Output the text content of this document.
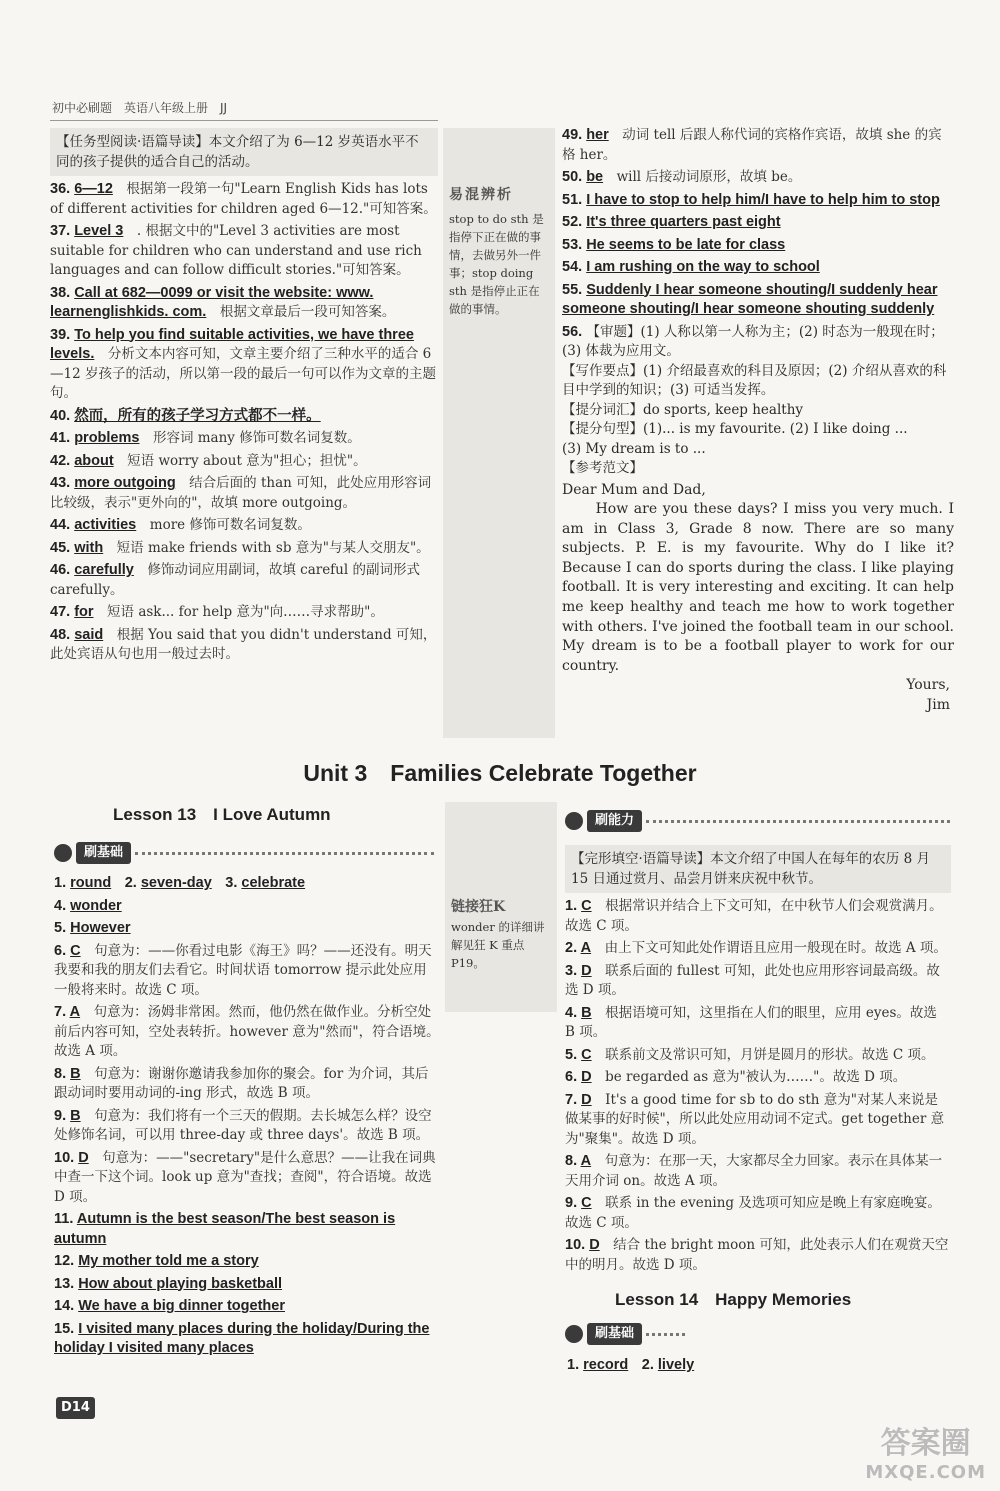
初中必刷题　英语八年级上册　JJ
【任务型阅读·语篇导读】本文介绍了为 6—12 岁英语水平不同的孩子提供的适合自己的活动。
36. 6—12　根据第一段第一句"Learn English Kids has lots of different activities for children aged 6—12."可知答案。
37. Level 3　. 根据文中的"Level 3 activities are most suitable for children who can understand and use rich languages and can follow difficult stories."可知答案。
38. Call at 682—0099 or visit the website: www. learnenglishkids. com.　根据文章最后一段可知答案。
39. To help you find suitable activities, we have three levels.　分析文本内容可知，文章主要介绍了三种水平的适合 6—12 岁孩子的活动，所以第一段的最后一句可以作为文章的主题句。
40. 然而，所有的孩子学习方式都不一样。
41. problems　形容词 many 修饰可数名词复数。
42. about　短语 worry about 意为"担心；担忧"。
43. more outgoing　结合后面的 than 可知，此处应用形容词比较级，表示"更外向的"，故填 more outgoing。
44. activities　more 修饰可数名词复数。
45. with　短语 make friends with sb 意为"与某人交朋友"。
46. carefully　修饰动词应用副词，故填 careful 的副词形式 carefully。
47. for　短语 ask... for help 意为"向……寻求帮助"。
48. said　根据 You said that you didn't understand 可知，此处宾语从句也用一般过去时。
易混辨析
stop to do sth 是指停下正在做的事情，去做另外一件事；stop doing sth 是指停止正在做的事情。
49. her　动词 tell 后跟人称代词的宾格作宾语，故填 she 的宾格 her。
50. be　will 后接动词原形，故填 be。
51. I have to stop to help him/I have to help him to stop
52. It's three quarters past eight
53. He seems to be late for class
54. I am rushing on the way to school
55. Suddenly I hear someone shouting/I suddenly hear someone shouting/I hear someone shouting suddenly
56. 【审题】(1) 人称以第一人称为主；(2) 时态为一般现在时；(3) 体裁为应用文。
【写作要点】(1) 介绍最喜欢的科目及原因；(2) 介绍从喜欢的科目中学到的知识；(3) 可适当发挥。
【提分词汇】do sports, keep healthy
【提分句型】(1)... is my favourite. (2) I like doing ...
(3) My dream is to ...
【参考范文】

Dear Mum and Dad,

How are you these days? I miss you very much. I am in Class 3, Grade 8 now. There are so many subjects. P. E. is my favourite. Why do I like it? Because I can do sports during the class. I like playing football. It is very interesting and exciting. It can help me keep healthy and teach me how to work together with others. I've joined the football team in our school. My dream is to be a football player to work for our country.

Yours,

Jim

Unit 3　Families Celebrate Together
Lesson 13　I Love Autumn
刷基础
1. round　 2. seven-day　 3. celebrate
4. wonder
5. However
6. C　句意为：——你看过电影《海王》吗？——还没有。明天我要和我的朋友们去看它。时间状语 tomorrow 提示此处应用一般将来时。故选 C 项。
7. A　句意为：汤姆非常困。然而，他仍然在做作业。分析空处前后内容可知，空处表转折。however 意为"然而"，符合语境。故选 A 项。
8. B　句意为：谢谢你邀请我参加你的聚会。for 为介词，其后跟动词时要用动词的-ing 形式，故选 B 项。
9. B　句意为：我们将有一个三天的假期。去长城怎么样？设空处修饰名词，可以用 three-day 或 three days'。故选 B 项。
10. D　句意为：——"secretary"是什么意思？——让我在词典中查一下这个词。look up 意为"查找；查阅"，符合语境。故选 D 项。
11. Autumn is the best season/The best season is autumn
12. My mother told me a story
13. How about playing basketball
14. We have a big dinner together
15. I visited many places during the holiday/During the holiday I visited many places
链接狂K
wonder 的详细讲解见狂 K 重点 P19。
刷能力
【完形填空·语篇导读】本文介绍了中国人在每年的农历 8 月 15 日通过赏月、品尝月饼来庆祝中秋节。
1. C　根据常识并结合上下文可知，在中秋节人们会观赏满月。故选 C 项。
2. A　由上下文可知此处作谓语且应用一般现在时。故选 A 项。
3. D　联系后面的 fullest 可知，此处也应用形容词最高级。故选 D 项。
4. B　根据语境可知，这里指在人们的眼里，应用 eyes。故选 B 项。
5. C　联系前文及常识可知，月饼是圆月的形状。故选 C 项。
6. D　be regarded as 意为"被认为……"。故选 D 项。
7. D　It's a good time for sb to do sth 意为"对某人来说是做某事的好时候"，所以此处应用动词不定式。get together 意为"聚集"。故选 D 项。
8. A　句意为：在那一天，大家都尽全力回家。表示在具体某一天用介词 on。故选 A 项。
9. C　联系 in the evening 及选项可知应是晚上有家庭晚宴。故选 C 项。
10. D　结合 the bright moon 可知，此处表示人们在观赏天空中的明月。故选 D 项。
Lesson 14　Happy Memories
刷基础
1. record　 2. lively
D14
答案圈
MXQE.COM
